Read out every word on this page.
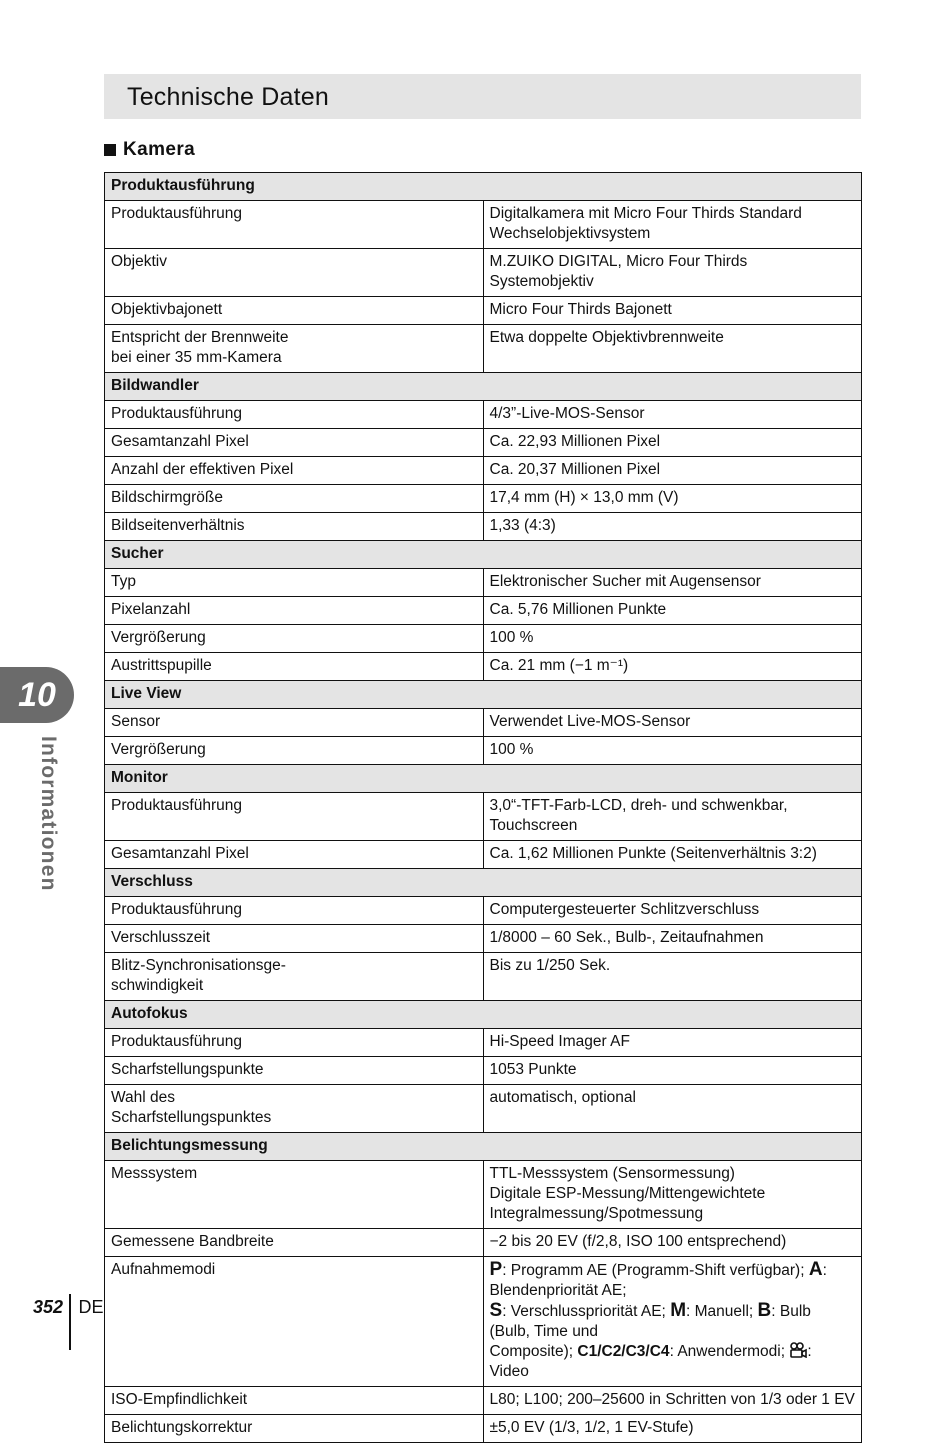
Technische Daten
Kamera
Produktausführung	
Produktausführung	Digitalkamera mit Micro Four Thirds Standard Wechselobjektivsystem
Objektiv	M.ZUIKO DIGITAL, Micro Four Thirds Systemobjektiv
Objektivbajonett	Micro Four Thirds Bajonett
Entspricht der Brennweite
bei einer 35 mm-Kamera	Etwa doppelte Objektivbrennweite
Bildwandler	
Produktausführung	4/3”-Live-MOS-Sensor
Gesamtanzahl Pixel	Ca. 22,93 Millionen Pixel
Anzahl der effektiven Pixel	Ca. 20,37 Millionen Pixel
Bildschirmgröße	17,4 mm (H) × 13,0 mm (V)
Bildseitenverhältnis	1,33 (4:3)
Sucher	
Typ	Elektronischer Sucher mit Augensensor
Pixelanzahl	Ca. 5,76 Millionen Punkte
Vergrößerung	100 %
Austrittspupille	Ca. 21 mm (−1 m⁻¹)
Live View	
Sensor	Verwendet Live-MOS-Sensor
Vergrößerung	100 %
Monitor	
Produktausführung	3,0“-TFT-Farb-LCD, dreh- und schwenkbar, Touchscreen
Gesamtanzahl Pixel	Ca. 1,62 Millionen Punkte (Seitenverhältnis 3:2)
Verschluss	
Produktausführung	Computergesteuerter Schlitzverschluss
Verschlusszeit	1/8000 – 60 Sek., Bulb-, Zeitaufnahmen
Blitz-Synchronisationsge-
schwindigkeit	Bis zu 1/250 Sek.
Autofokus	
Produktausführung	Hi-Speed Imager AF
Scharfstellungspunkte	1053 Punkte
Wahl des
Scharfstellungspunktes	automatisch, optional
Belichtungsmessung	
Messsystem	TTL-Messsystem (Sensormessung)
Digitale ESP-Messung/Mittengewichtete Integralmessung/Spotmessung
Gemessene Bandbreite	−2 bis 20 EV (f/2,8, ISO 100 entsprechend)
Aufnahmemodi	P: Programm AE (Programm-Shift verfügbar); A: Blendenpriorität AE;
S: Verschlusspriorität AE; M: Manuell; B: Bulb (Bulb, Time und
Composite); C1/C2/C3/C4: Anwendermodi; : Video
ISO-Empfindlichkeit	L80; L100; 200–25600 in Schritten von 1/3 oder 1 EV
Belichtungskorrektur	±5,0 EV (1/3, 1/2, 1 EV-Stufe)
10
Informationen
352 DE
